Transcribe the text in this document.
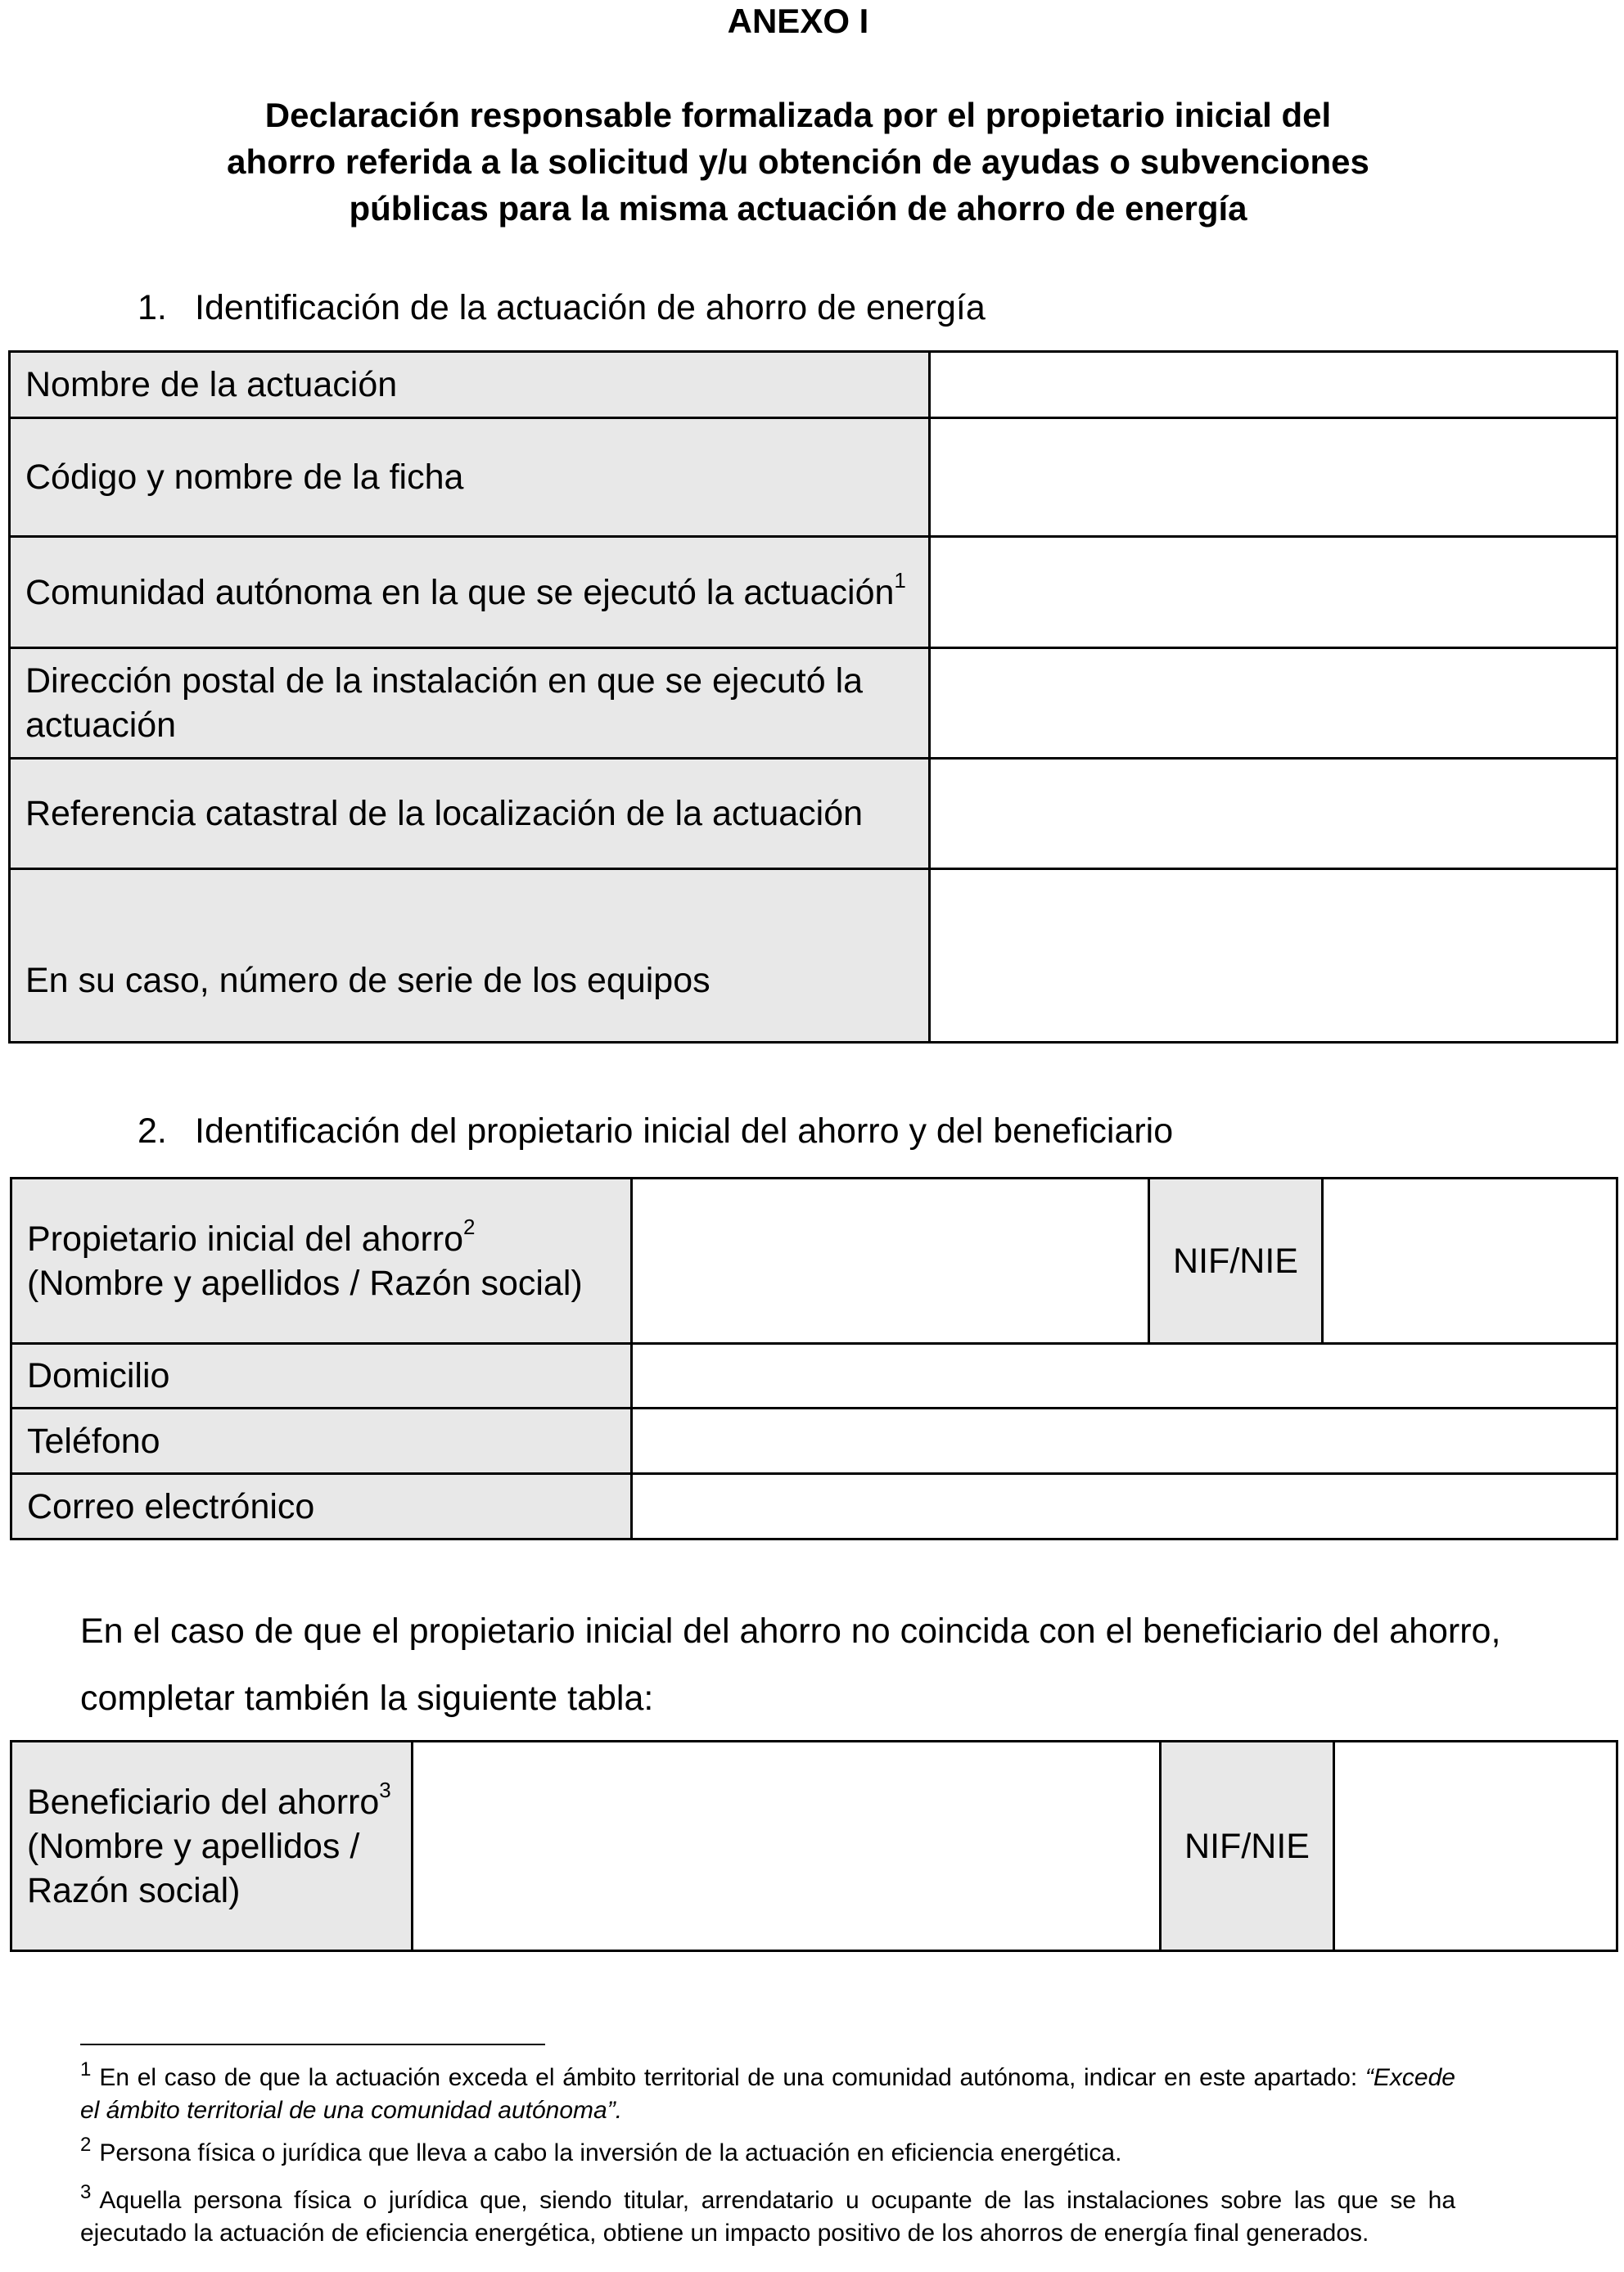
ANEXO I
Declaración responsable formalizada por el propietario inicial del
ahorro referida a la solicitud y/u obtención de ayudas o subvenciones
públicas para la misma actuación de ahorro de energía
1. Identificación de la actuación de ahorro de energía
Nombre de la actuación	
Código y nombre de la ficha	
Comunidad autónoma en la que se ejecutó la actuación$^1$	
Dirección postal de la instalación en que se ejecutó la actuación	
Referencia catastral de la localización de la actuación	
En su caso, número de serie de los equipos	
2. Identificación del propietario inicial del ahorro y del beneficiario
Propietario inicial del ahorro$^2$
(Nombre y apellidos / Razón social)		NIF/NIE	
Domicilio			
Teléfono			
Correo electrónico			
En el caso de que el propietario inicial del ahorro no coincida con el beneficiario del ahorro, completar también la siguiente tabla:
Beneficiario del ahorro$^3$
(Nombre y apellidos / Razón social)		NIF/NIE	
$^1$ En el caso de que la actuación exceda el ámbito territorial de una comunidad autónoma, indicar en este apartado: “Excede el ámbito territorial de una comunidad autónoma”.
$^2$ Persona física o jurídica que lleva a cabo la inversión de la actuación en eficiencia energética.
$^3$ Aquella persona física o jurídica que, siendo titular, arrendatario u ocupante de las instalaciones sobre las que se ha ejecutado la actuación de eficiencia energética, obtiene un impacto positivo de los ahorros de energía final generados.
